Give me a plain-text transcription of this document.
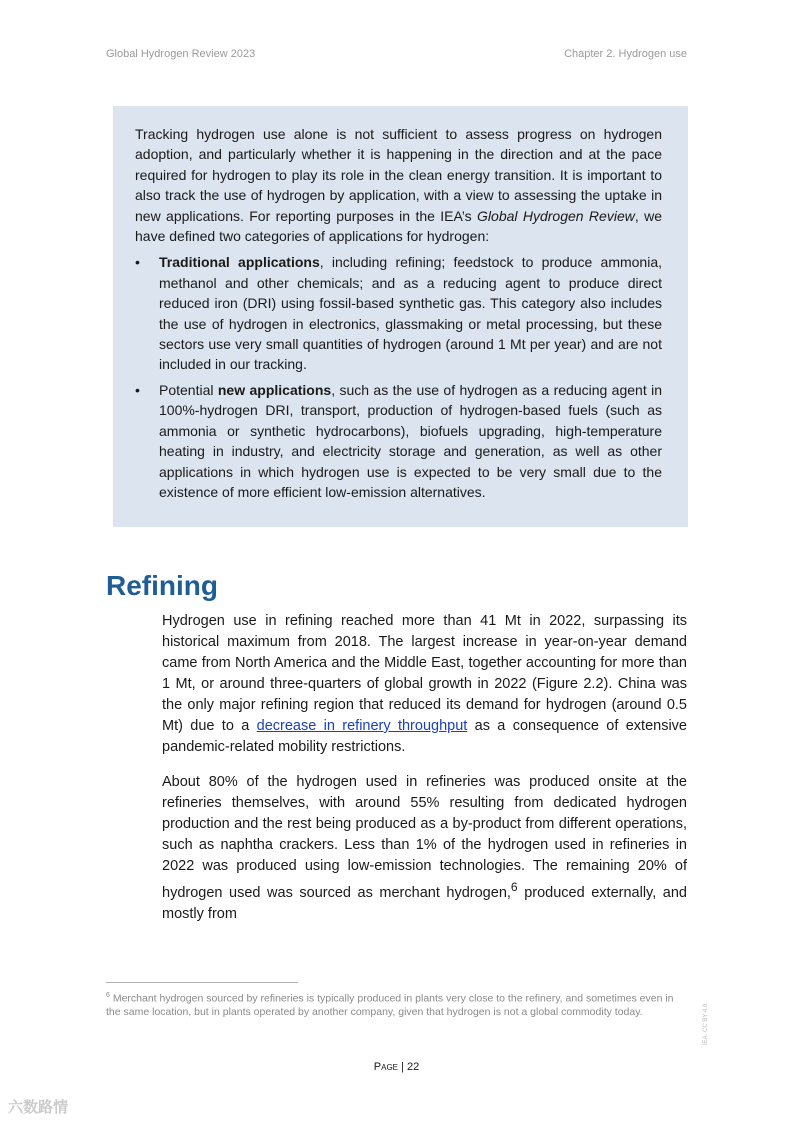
Global Hydrogen Review 2023	Chapter 2. Hydrogen use

Tracking hydrogen use alone is not sufficient to assess progress on hydrogen adoption, and particularly whether it is happening in the direction and at the pace required for hydrogen to play its role in the clean energy transition. It is important to also track the use of hydrogen by application, with a view to assessing the uptake in new applications. For reporting purposes in the IEA’s Global Hydrogen Review, we have defined two categories of applications for hydrogen:

• Traditional applications, including refining; feedstock to produce ammonia, methanol and other chemicals; and as a reducing agent to produce direct reduced iron (DRI) using fossil-based synthetic gas. This category also includes the use of hydrogen in electronics, glassmaking or metal processing, but these sectors use very small quantities of hydrogen (around 1 Mt per year) and are not included in our tracking.
• Potential new applications, such as the use of hydrogen as a reducing agent in 100%-hydrogen DRI, transport, production of hydrogen-based fuels (such as ammonia or synthetic hydrocarbons), biofuels upgrading, high-temperature heating in industry, and electricity storage and generation, as well as other applications in which hydrogen use is expected to be very small due to the existence of more efficient low-emission alternatives.
Refining

Hydrogen use in refining reached more than 41 Mt in 2022, surpassing its historical maximum from 2018. The largest increase in year-on-year demand came from North America and the Middle East, together accounting for more than 1 Mt, or around three-quarters of global growth in 2022 (Figure 2.2). China was the only major refining region that reduced its demand for hydrogen (around 0.5 Mt) due to a decrease in refinery throughput as a consequence of extensive pandemic-related mobility restrictions.

About 80% of the hydrogen used in refineries was produced onsite at the refineries themselves, with around 55% resulting from dedicated hydrogen production and the rest being produced as a by-product from different operations, such as naphtha crackers. Less than 1% of the hydrogen used in refineries in 2022 was produced using low-emission technologies. The remaining 20% of hydrogen used was sourced as merchant hydrogen,$^6$ produced externally, and mostly from

$^6$ Merchant hydrogen sourced by refineries is typically produced in plants very close to the refinery, and sometimes even in the same location, but in plants operated by another company, given that hydrogen is not a global commodity today.

Page | 22
IEA. CC BY 4.0.
六数路情
